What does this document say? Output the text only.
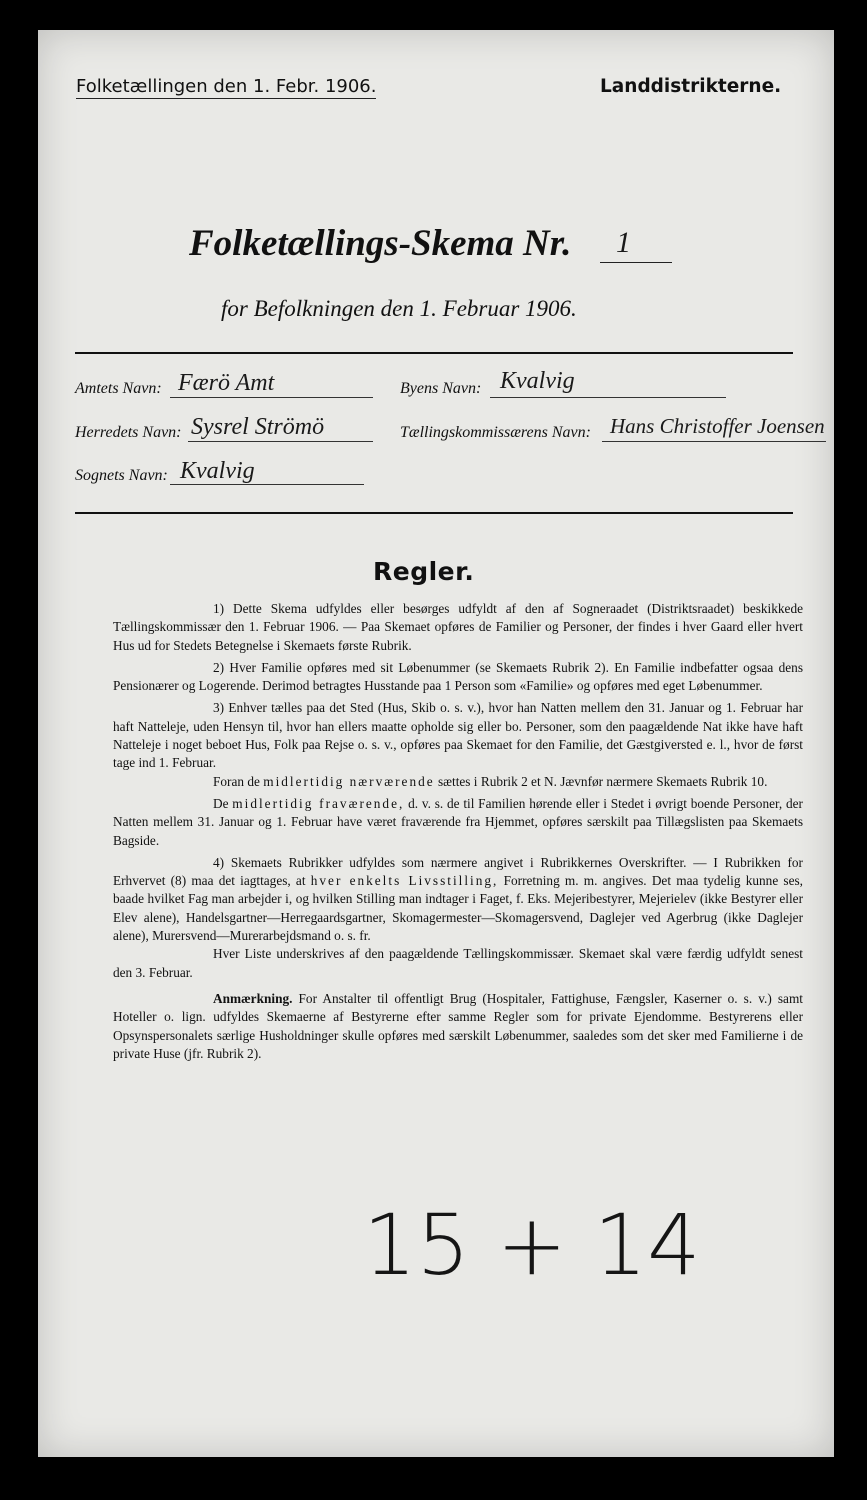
Folketællingen den 1. Febr. 1906.	Landdistrikterne.
Folketællings-Skema Nr. 1
for Befolkningen den 1. Februar 1906.
Amtets Navn: Færö Amt	Byens Navn: Kvalvig
Herredets Navn: Sysrel Strömö	Tællingskommissærens Navn: Hans Christoffer Joensen
Sognets Navn: Kvalvig
Regler.

1) Dette Skema udfyldes eller besørges udfyldt af den af Sogneraadet (Distriktsraadet) beskikkede Tællingskommissær den 1. Februar 1906. — Paa Skemaet opføres de Familier og Personer, der findes i hver Gaard eller hvert Hus ud for Stedets Betegnelse i Skemaets første Rubrik.

2) Hver Familie opføres med sit Løbenummer (se Skemaets Rubrik 2). En Familie indbefatter ogsaa dens Pensionærer og Logerende. Derimod betragtes Husstande paa 1 Person som «Familie» og opføres med eget Løbenummer.

3) Enhver tælles paa det Sted (Hus, Skib o. s. v.), hvor han Natten mellem den 31. Januar og 1. Februar har haft Natteleje, uden Hensyn til, hvor han ellers maatte opholde sig eller bo. Personer, som den paagældende Nat ikke have haft Natteleje i noget beboet Hus, Folk paa Rejse o. s. v., opføres paa Skemaet for den Familie, det Gæstgiversted e. l., hvor de først tage ind 1. Februar.

Foran de midlertidig nærværende sættes i Rubrik 2 et N. Jævnfør nærmere Skemaets Rubrik 10.

De midlertidig fraværende, d. v. s. de til Familien hørende eller i Stedet i øvrigt boende Personer, der Natten mellem 31. Januar og 1. Februar have været fraværende fra Hjemmet, opføres særskilt paa Tillægslisten paa Skemaets Bagside.

4) Skemaets Rubrikker udfyldes som nærmere angivet i Rubrikkernes Overskrifter. — I Rubrikken for Erhvervet (8) maa det iagttages, at hver enkelts Livsstilling, Forretning m. m. angives. Det maa tydelig kunne ses, baade hvilket Fag man arbejder i, og hvilken Stilling man indtager i Faget, f. Eks. Mejeribestyrer, Mejerielev (ikke Bestyrer eller Elev alene), Handelsgartner—Herregaardsgartner, Skomagermester—Skomagersvend, Daglejer ved Agerbrug (ikke Daglejer alene), Murersvend—Murerarbejdsmand o. s. fr.

Hver Liste underskrives af den paagældende Tællingskommissær. Skemaet skal være færdig udfyldt senest den 3. Februar.

Anmærkning. For Anstalter til offentligt Brug (Hospitaler, Fattighuse, Fængsler, Kaserner o. s. v.) samt Hoteller o. lign. udfyldes Skemaerne af Bestyrerne efter samme Regler som for private Ejendomme. Bestyrerens eller Opsynspersonalets særlige Husholdninger skulle opføres med særskilt Løbenummer, saaledes som det sker med Familierne i de private Huse (jfr. Rubrik 2).

15 + 14
